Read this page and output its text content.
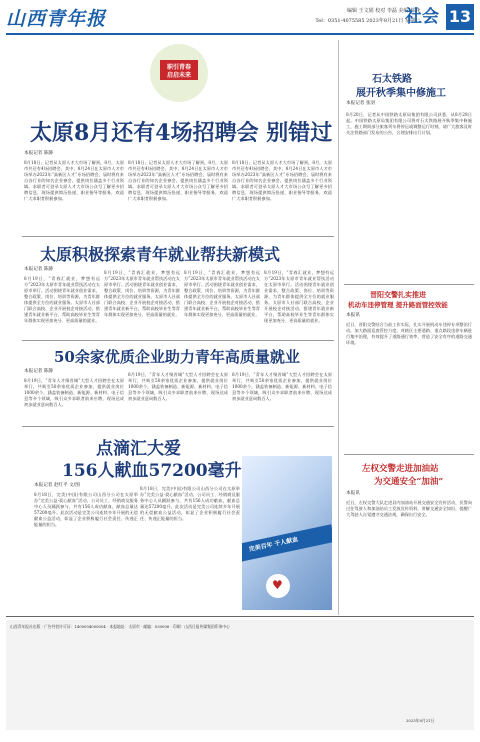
山西青年报	编辑 王文娟 校对 李磊 美编 郝峰
Tel：0351-4075585 2023年8月21日 星期一
社会 13
职引青春
启启未来
太原8月还有4场招聘会 别错过
本报记者 陈静
8月18日，记者从太原人才大市场了解到，8月，太原市共还有4场招聘会，其中，8月24日在太原市人才市场举办2023年“高新区人才”专场招聘会，届时将有来自各行业的知名企业参会，提供岗位涵盖多个行业领域。求职者可登录太原人才大市场公众号了解更多招聘信息，现场提供简历投递、职业指导等服务，欢迎广大求职者积极参加。
8月18日，记者从太原人才大市场了解到，8月，太原市共还有4场招聘会，其中，8月24日在太原市人才市场举办2023年“高新区人才”专场招聘会，届时将有来自各行业的知名企业参会，提供岗位涵盖多个行业领域。求职者可登录太原人才大市场公众号了解更多招聘信息，现场提供简历投递、职业指导等服务，欢迎广大求职者积极参加。
8月18日，记者从太原人才大市场了解到，8月，太原市共还有4场招聘会，其中，8月24日在太原市人才市场举办2023年“高新区人才”专场招聘会，届时将有来自各行业的知名企业参会，提供岗位涵盖多个行业领域。求职者可登录太原人才大市场公众号了解更多招聘信息，现场提供简历投递、职业指导等服务，欢迎广大求职者积极参加。
太原积极探索青年就业帮扶新模式
本报记者 陈静
8月19日，“青春汇就业，梦想有远方”2023年太原市青年就业帮扶活动在太原市举行。活动围绕青年就业创业需求，整合政策、岗位、培训等资源，为青年群体提供全方位的就业服务。太原市人社部门联合高校、企业开展校企对接活动，搭建青年就业新平台，帮助高校毕业生等青年群体实现更加充分、更高质量的就业。
8月19日，“青春汇就业，梦想有远方”2023年太原市青年就业帮扶活动在太原市举行。活动围绕青年就业创业需求，整合政策、岗位、培训等资源，为青年群体提供全方位的就业服务。太原市人社部门联合高校、企业开展校企对接活动，搭建青年就业新平台，帮助高校毕业生等青年群体实现更加充分、更高质量的就业。
8月19日，“青春汇就业，梦想有远方”2023年太原市青年就业帮扶活动在太原市举行。活动围绕青年就业创业需求，整合政策、岗位、培训等资源，为青年群体提供全方位的就业服务。太原市人社部门联合高校、企业开展校企对接活动，搭建青年就业新平台，帮助高校毕业生等青年群体实现更加充分、更高质量的就业。
8月19日，“青春汇就业，梦想有远方”2023年太原市青年就业帮扶活动在太原市举行。活动围绕青年就业创业需求，整合政策、岗位、培训等资源，为青年群体提供全方位的就业服务。太原市人社部门联合高校、企业开展校企对接活动，搭建青年就业新平台，帮助高校毕业生等青年群体实现更加充分、更高质量的就业。
50余家优质企业助力青年高质量就业
本报记者 陈静
8月19日，“青年人才聚晋城”大型人才招聘会在太原举行，共吸引50余家优质企业参加，提供就业岗位1000余个，涵盖装备制造、新能源、新材料、电子信息等多个领域，吸引众多求职者前来应聘，现场达成初步就业意向数百人。
8月19日，“青年人才聚晋城”大型人才招聘会在太原举行，共吸引50余家优质企业参加，提供就业岗位1000余个，涵盖装备制造、新能源、新材料、电子信息等多个领域，吸引众多求职者前来应聘，现场达成初步就业意向数百人。
8月19日，“青年人才聚晋城”大型人才招聘会在太原举行，共吸引50余家优质企业参加，提供就业岗位1000余个，涵盖装备制造、新能源、新材料、电子信息等多个领域，吸引众多求职者前来应聘，现场达成初步就业意向数百人。
点滴汇大爱
156人献血57200毫升
本报记者 赵红平 文/图
8月18日，完美(中国)有限公司山西分公司在太原举办“完美公益·爱心献血”活动，公司员工、经销商及服务中心人员踊跃参与，共有156人成功献血，献血总量达57200毫升。此次活动是完美公司连续多年开展的无偿献血公益活动，彰显了企业积极履行社会责任、传递正能量的担当。
8月18日，完美(中国)有限公司山西分公司在太原举办“完美公益·爱心献血”活动，公司员工、经销商及服务中心人员踊跃参与，共有156人成功献血，献血总量达57200毫升。此次活动是完美公司连续多年开展的无偿献血公益活动，彰显了企业积极履行社会责任、传递正能量的担当。
完美百年 千人献血
♥
石太铁路
展开秋季集中修施工
本报记者 张羽
8月20日，记者从中国铁路太原局集团有限公司获悉，从8月28日起，中国铁路太原局集团有限公司将对石太铁路展开秋季集中修施工，施工期间部分旅客列车将停运或调整运行时刻，请广大旅客及时关注铁路部门发布的公告，合理安排出行计划。
晋阳交警扎实推进
机动车违停管理 提升路面管控效能
本报讯
近日，晋阳交警结合当前工作实际，扎实开展机动车违停专项整治行动，加大路面巡查管控力度，对辖区主要道路、重点路段违停车辆进行集中治理，有效提升了道路通行效率，营造了安全有序的道路交通环境。
左权交警走进加油站
为交通安全“加油”
本报讯
近日，左权交警大队走进县内加油站开展交通安全宣传活动，民警向过往驾驶人和加油站员工发放宣传资料，讲解交通安全知识，提醒广大驾驶人自觉遵守交通法规，确保出行安全。
山西青年报社出版 · 广告经营许可证：1400004000004 · 本报地址：太原市 · 邮编：030006 · 印刷：山西日报传媒集团印务中心
2023年8月21日
